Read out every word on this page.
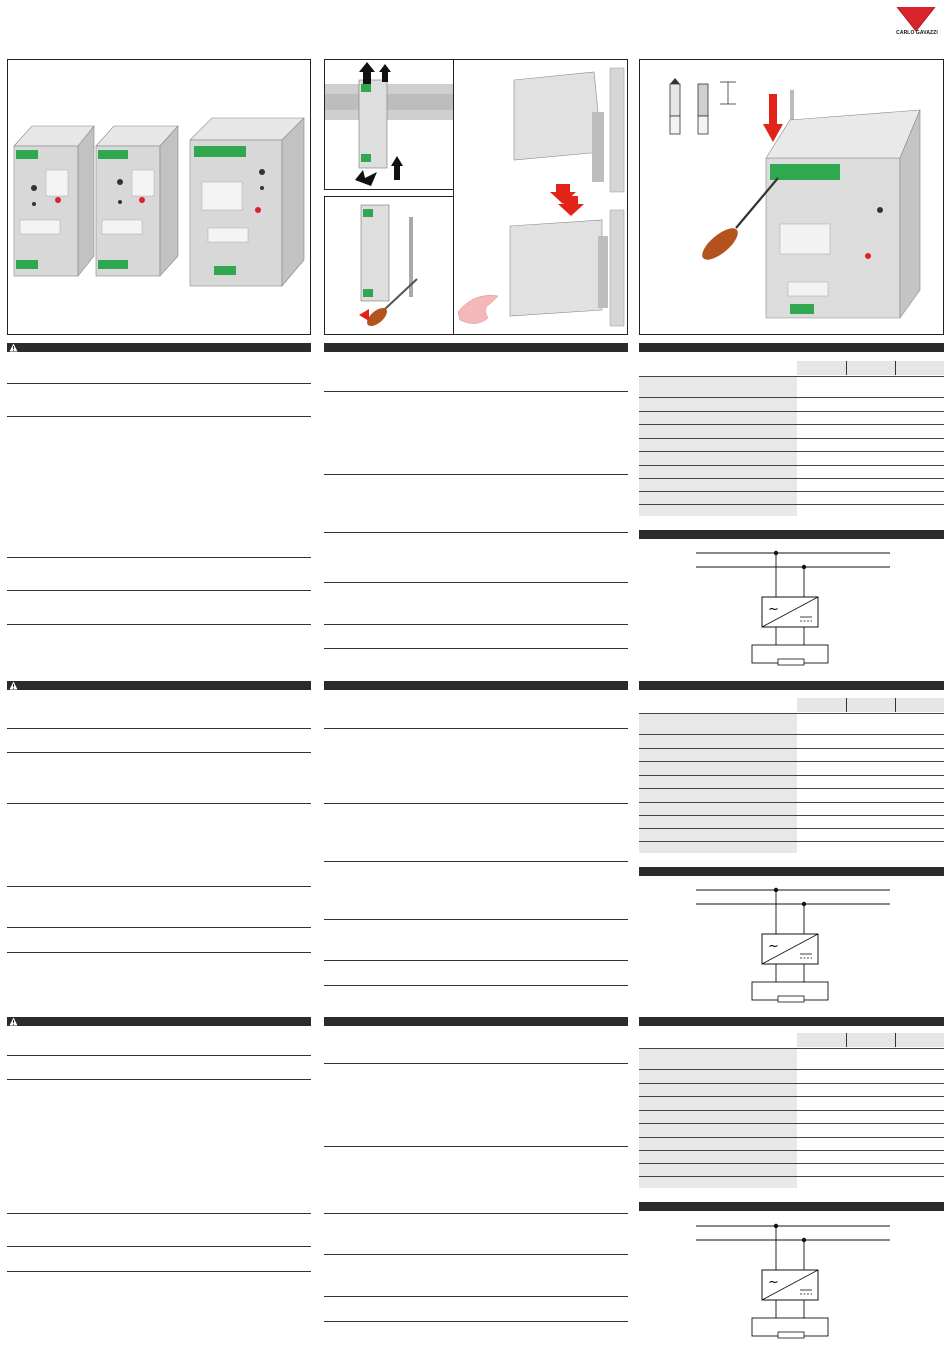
CARLO GAVAZZI
~
~
~
